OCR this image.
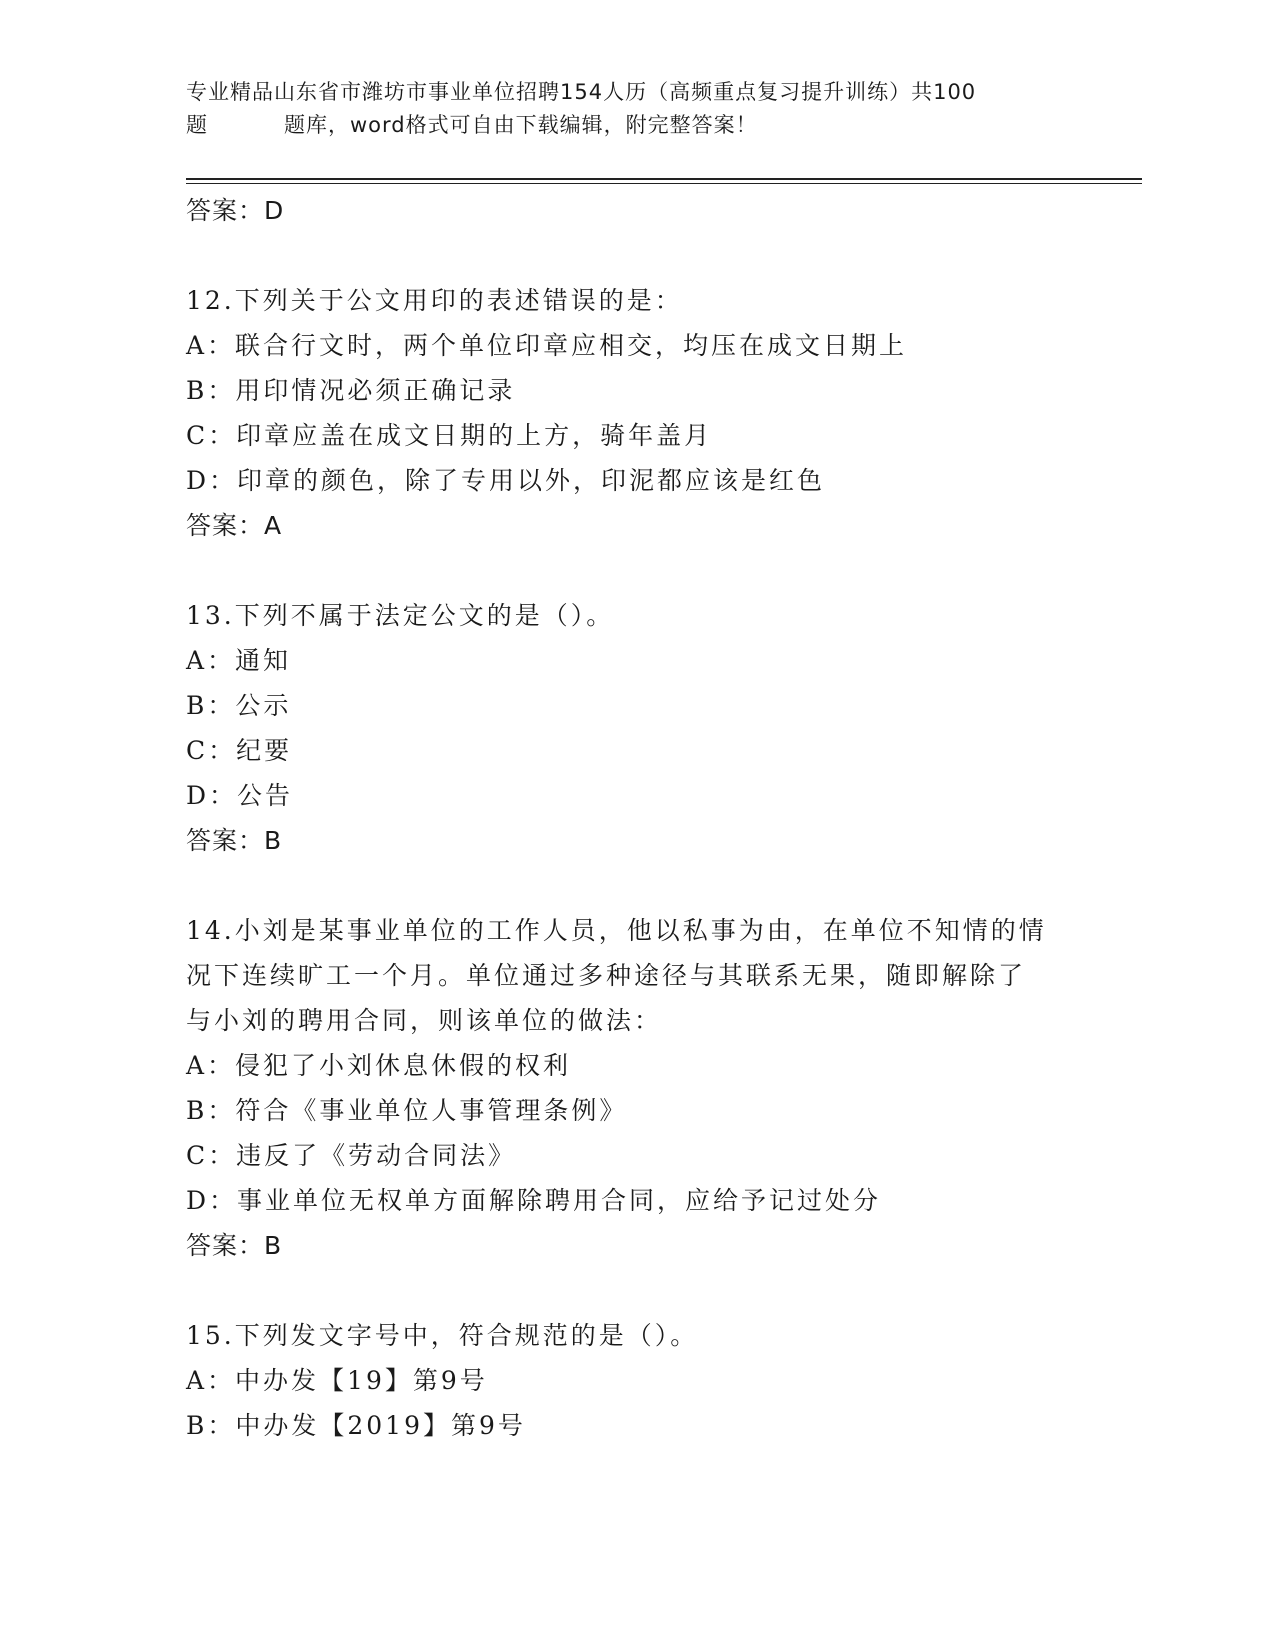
专业精品山东省市潍坊市事业单位招聘154人历（高频重点复习提升训练）共100
题	题库，word格式可自由下载编辑，附完整答案！
答案：D
12.下列关于公文用印的表述错误的是：
A：联合行文时，两个单位印章应相交，均压在成文日期上
B：用印情况必须正确记录
C：印章应盖在成文日期的上方，骑年盖月
D：印章的颜色，除了专用以外，印泥都应该是红色
答案：A
13.下列不属于法定公文的是（）。
A：通知
B：公示
C：纪要
D：公告
答案：B
14.小刘是某事业单位的工作人员，他以私事为由，在单位不知情的情
况下连续旷工一个月。单位通过多种途径与其联系无果，随即解除了
与小刘的聘用合同，则该单位的做法：
A：侵犯了小刘休息休假的权利
B：符合《事业单位人事管理条例》
C：违反了《劳动合同法》
D：事业单位无权单方面解除聘用合同，应给予记过处分
答案：B
15.下列发文字号中，符合规范的是（）。
A：中办发【19】第9号
B：中办发【2019】第9号
